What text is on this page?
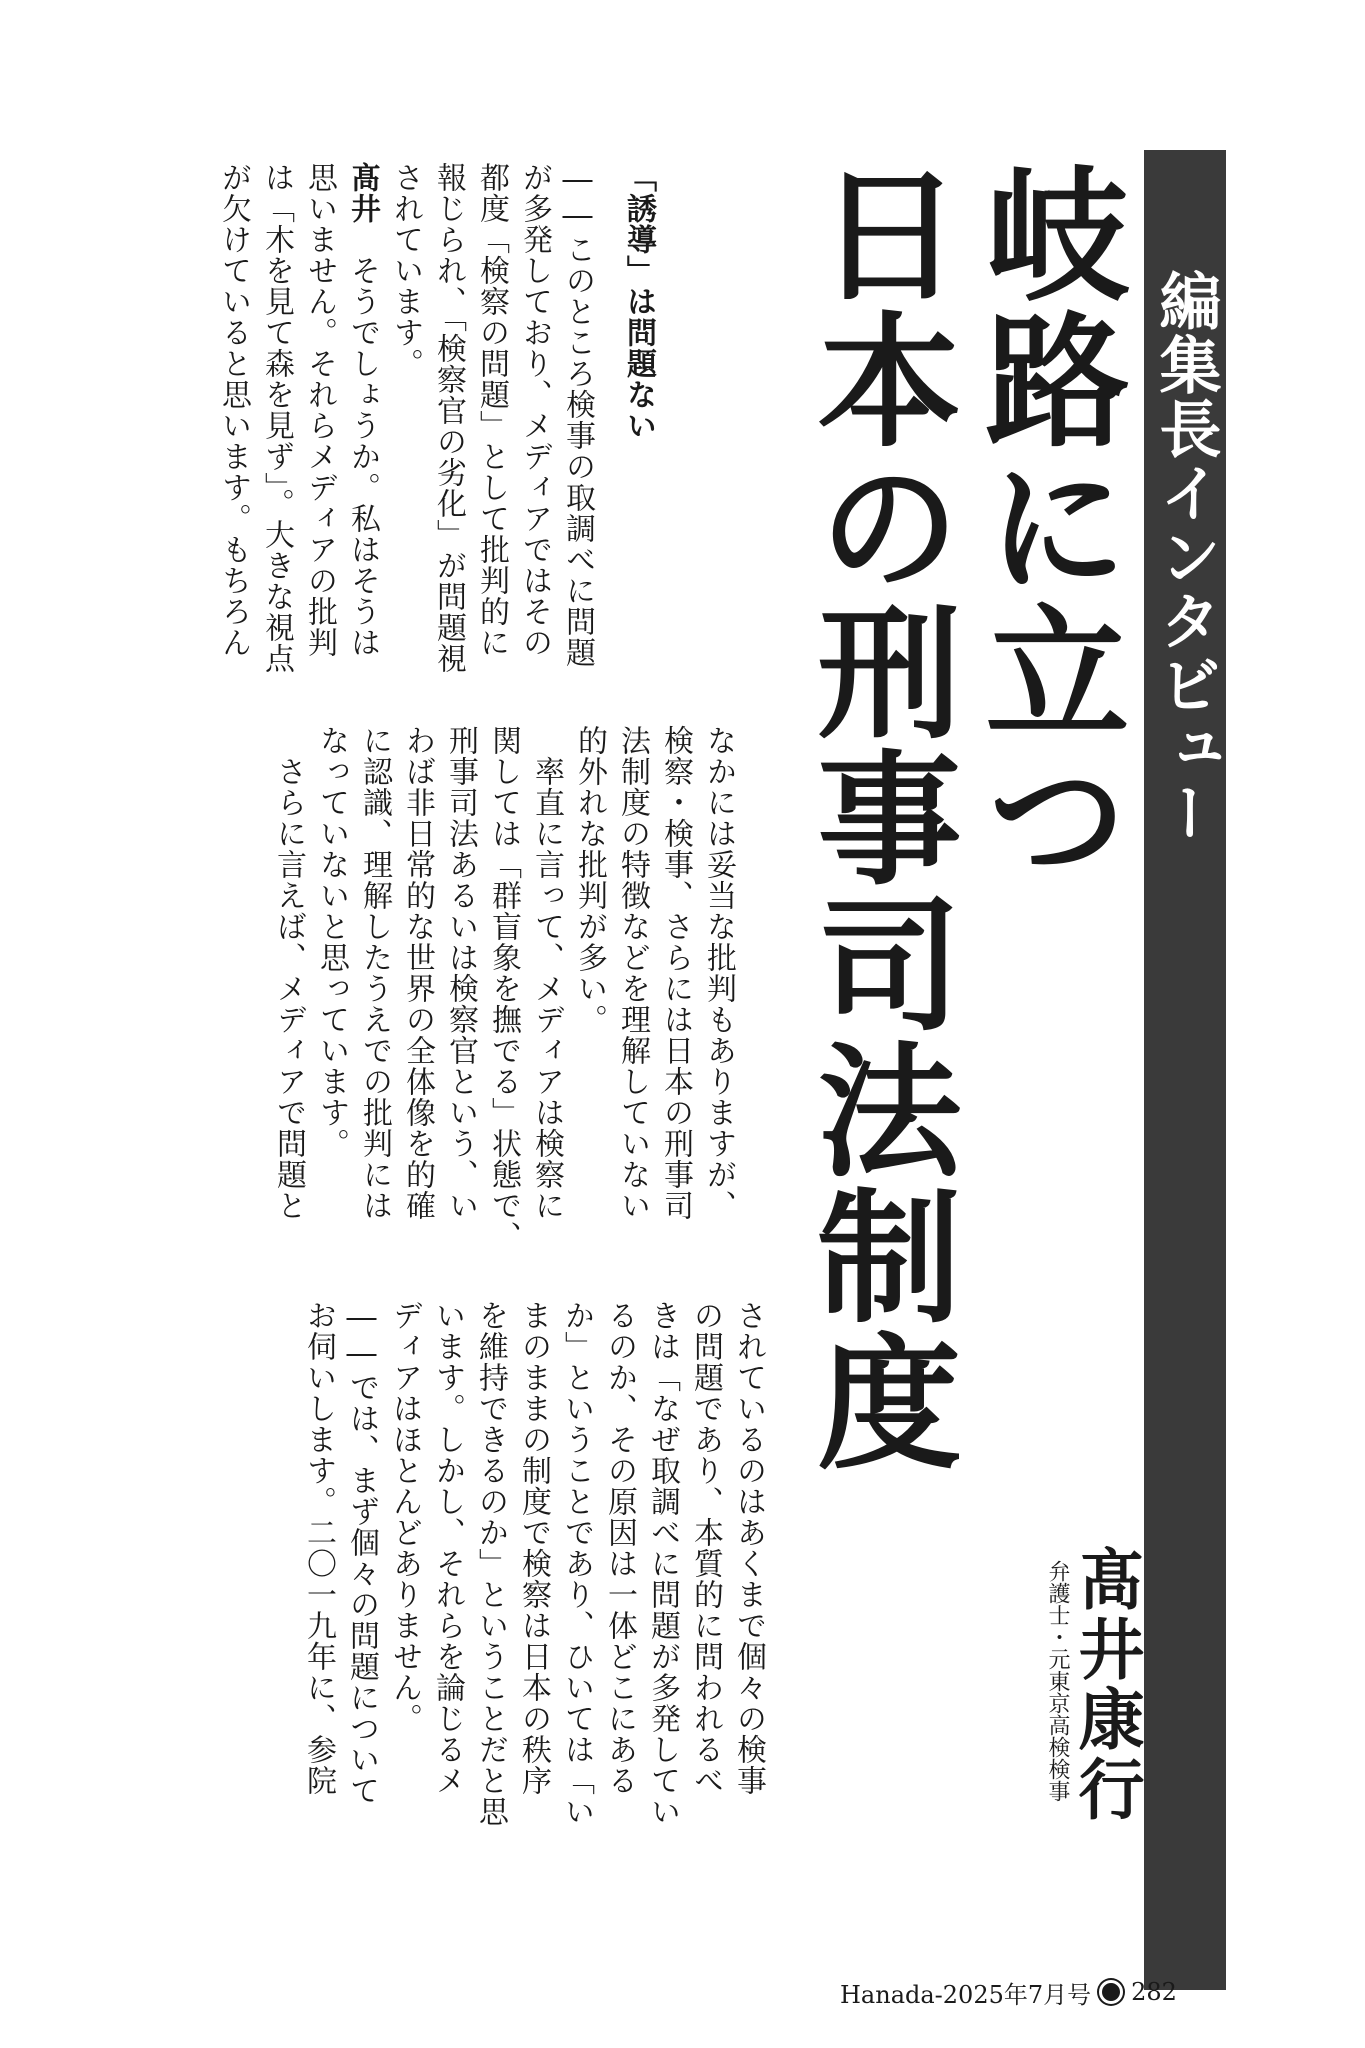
編集長インタビュー
岐路に立つ
日本の刑事司法制度
髙井康行
弁護士・元東京高検検事

「誘導」は問題ない

――このところ検事の取調べに問題

が多発しており、メディアではその

都度「検察の問題」として批判的に

報じられ、「検察官の劣化」が問題視

されています。

髙井　そうでしょうか。私はそうは

思いません。それらメディアの批判

は「木を見て森を見ず」。大きな視点

が欠けていると思います。もちろん

なかには妥当な批判もありますが、

検察・検事、さらには日本の刑事司

法制度の特徴などを理解していない

的外れな批判が多い。

　率直に言って、メディアは検察に

関しては「群盲象を撫でる」状態で、

刑事司法あるいは検察官という、い

わば非日常的な世界の全体像を的確

に認識、理解したうえでの批判には

なっていないと思っています。

　さらに言えば、メディアで問題と

されているのはあくまで個々の検事

の問題であり、本質的に問われるべ

きは「なぜ取調べに問題が多発してい

るのか、その原因は一体どこにある

か」ということであり、ひいては「い

まのままの制度で検察は日本の秩序

を維持できるのか」ということだと思

います。しかし、それらを論じるメ

ディアはほとんどありません。

――では、まず個々の問題について

お伺いします。二〇一九年に、参院

Hanada-2025年7月号 282
